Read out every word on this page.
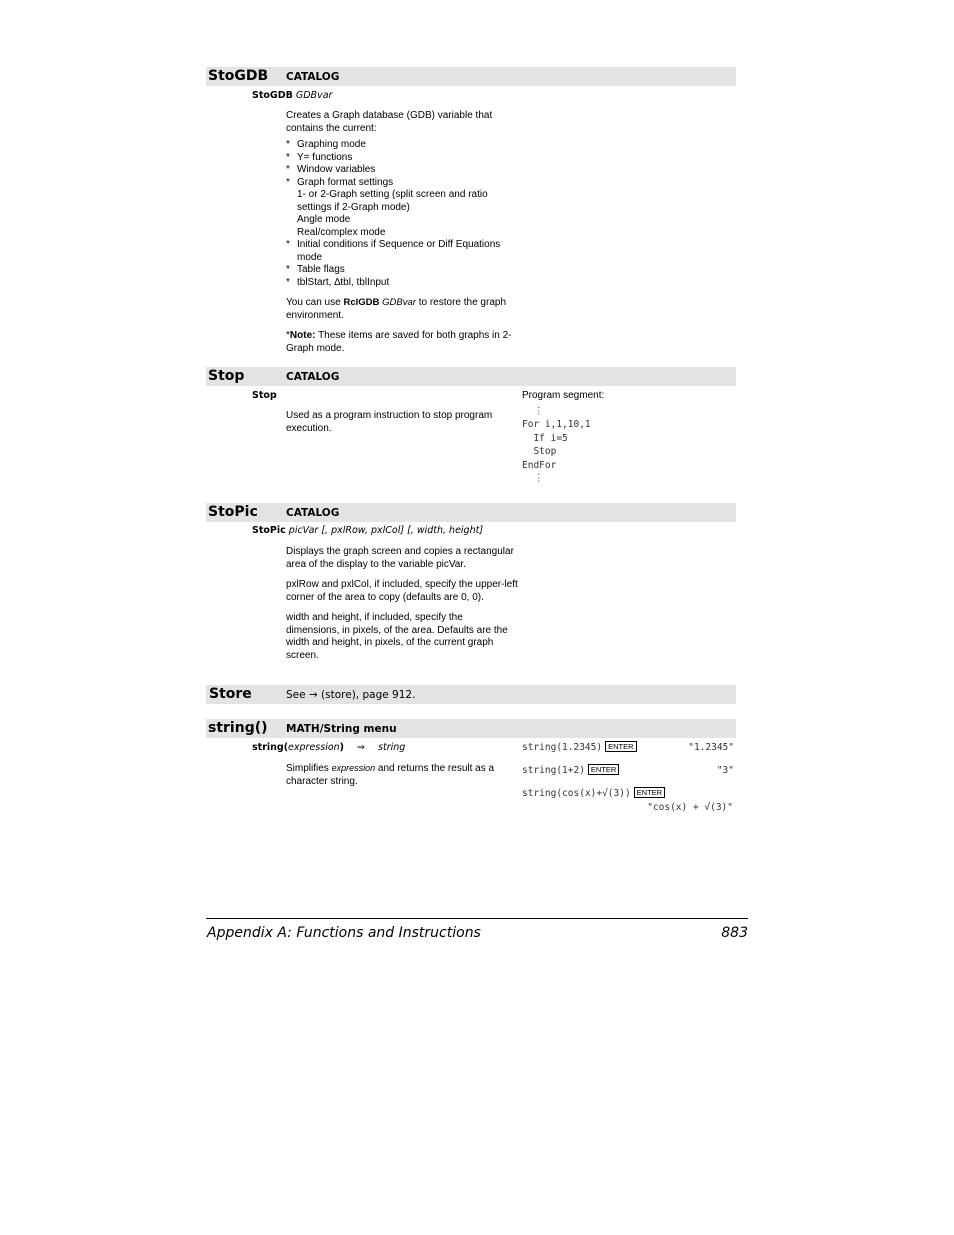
StoGDB CATALOG
StoGDB GDBvar

Creates a Graph database (GDB) variable that contains the current:

* Graphing mode
* Y= functions
* Window variables
* Graph format settings
1- or 2-Graph setting (split screen and ratio settings if 2-Graph mode)
Angle mode
Real/complex mode
* Initial conditions if Sequence or Diff Equations mode
* Table flags
* tblStart, ∆tbl, tblInput

You can use RclGDB GDBvar to restore the graph environment.

*Note: These items are saved for both graphs in 2-Graph mode.

Stop	CATALOG
Stop

Used as a program instruction to stop program execution.

Program segment:
⋮
For i,1,10,1
If i=5
Stop
EndFor
⋮
StoPic	CATALOG
StoPic picVar [, pxlRow, pxlCol] [, width, height]

Displays the graph screen and copies a rectangular area of the display to the variable picVar.

pxlRow and pxlCol, if included, specify the upper-left corner of the area to copy (defaults are 0, 0).

width and height, if included, specify the dimensions, in pixels, of the area. Defaults are the width and height, in pixels, of the current graph screen.

Store	See → (store), page 912.
string() MATH/String menu
string(expression) ⇒ string

Simplifies expression and returns the result as a character string.

string(1.2345) ENTER	"1.2345"
string(1+2) ENTER	"3"
string(cos(x)+√(3)) ENTER
"cos(x) + √(3)"
Appendix A: Functions and Instructions	883
